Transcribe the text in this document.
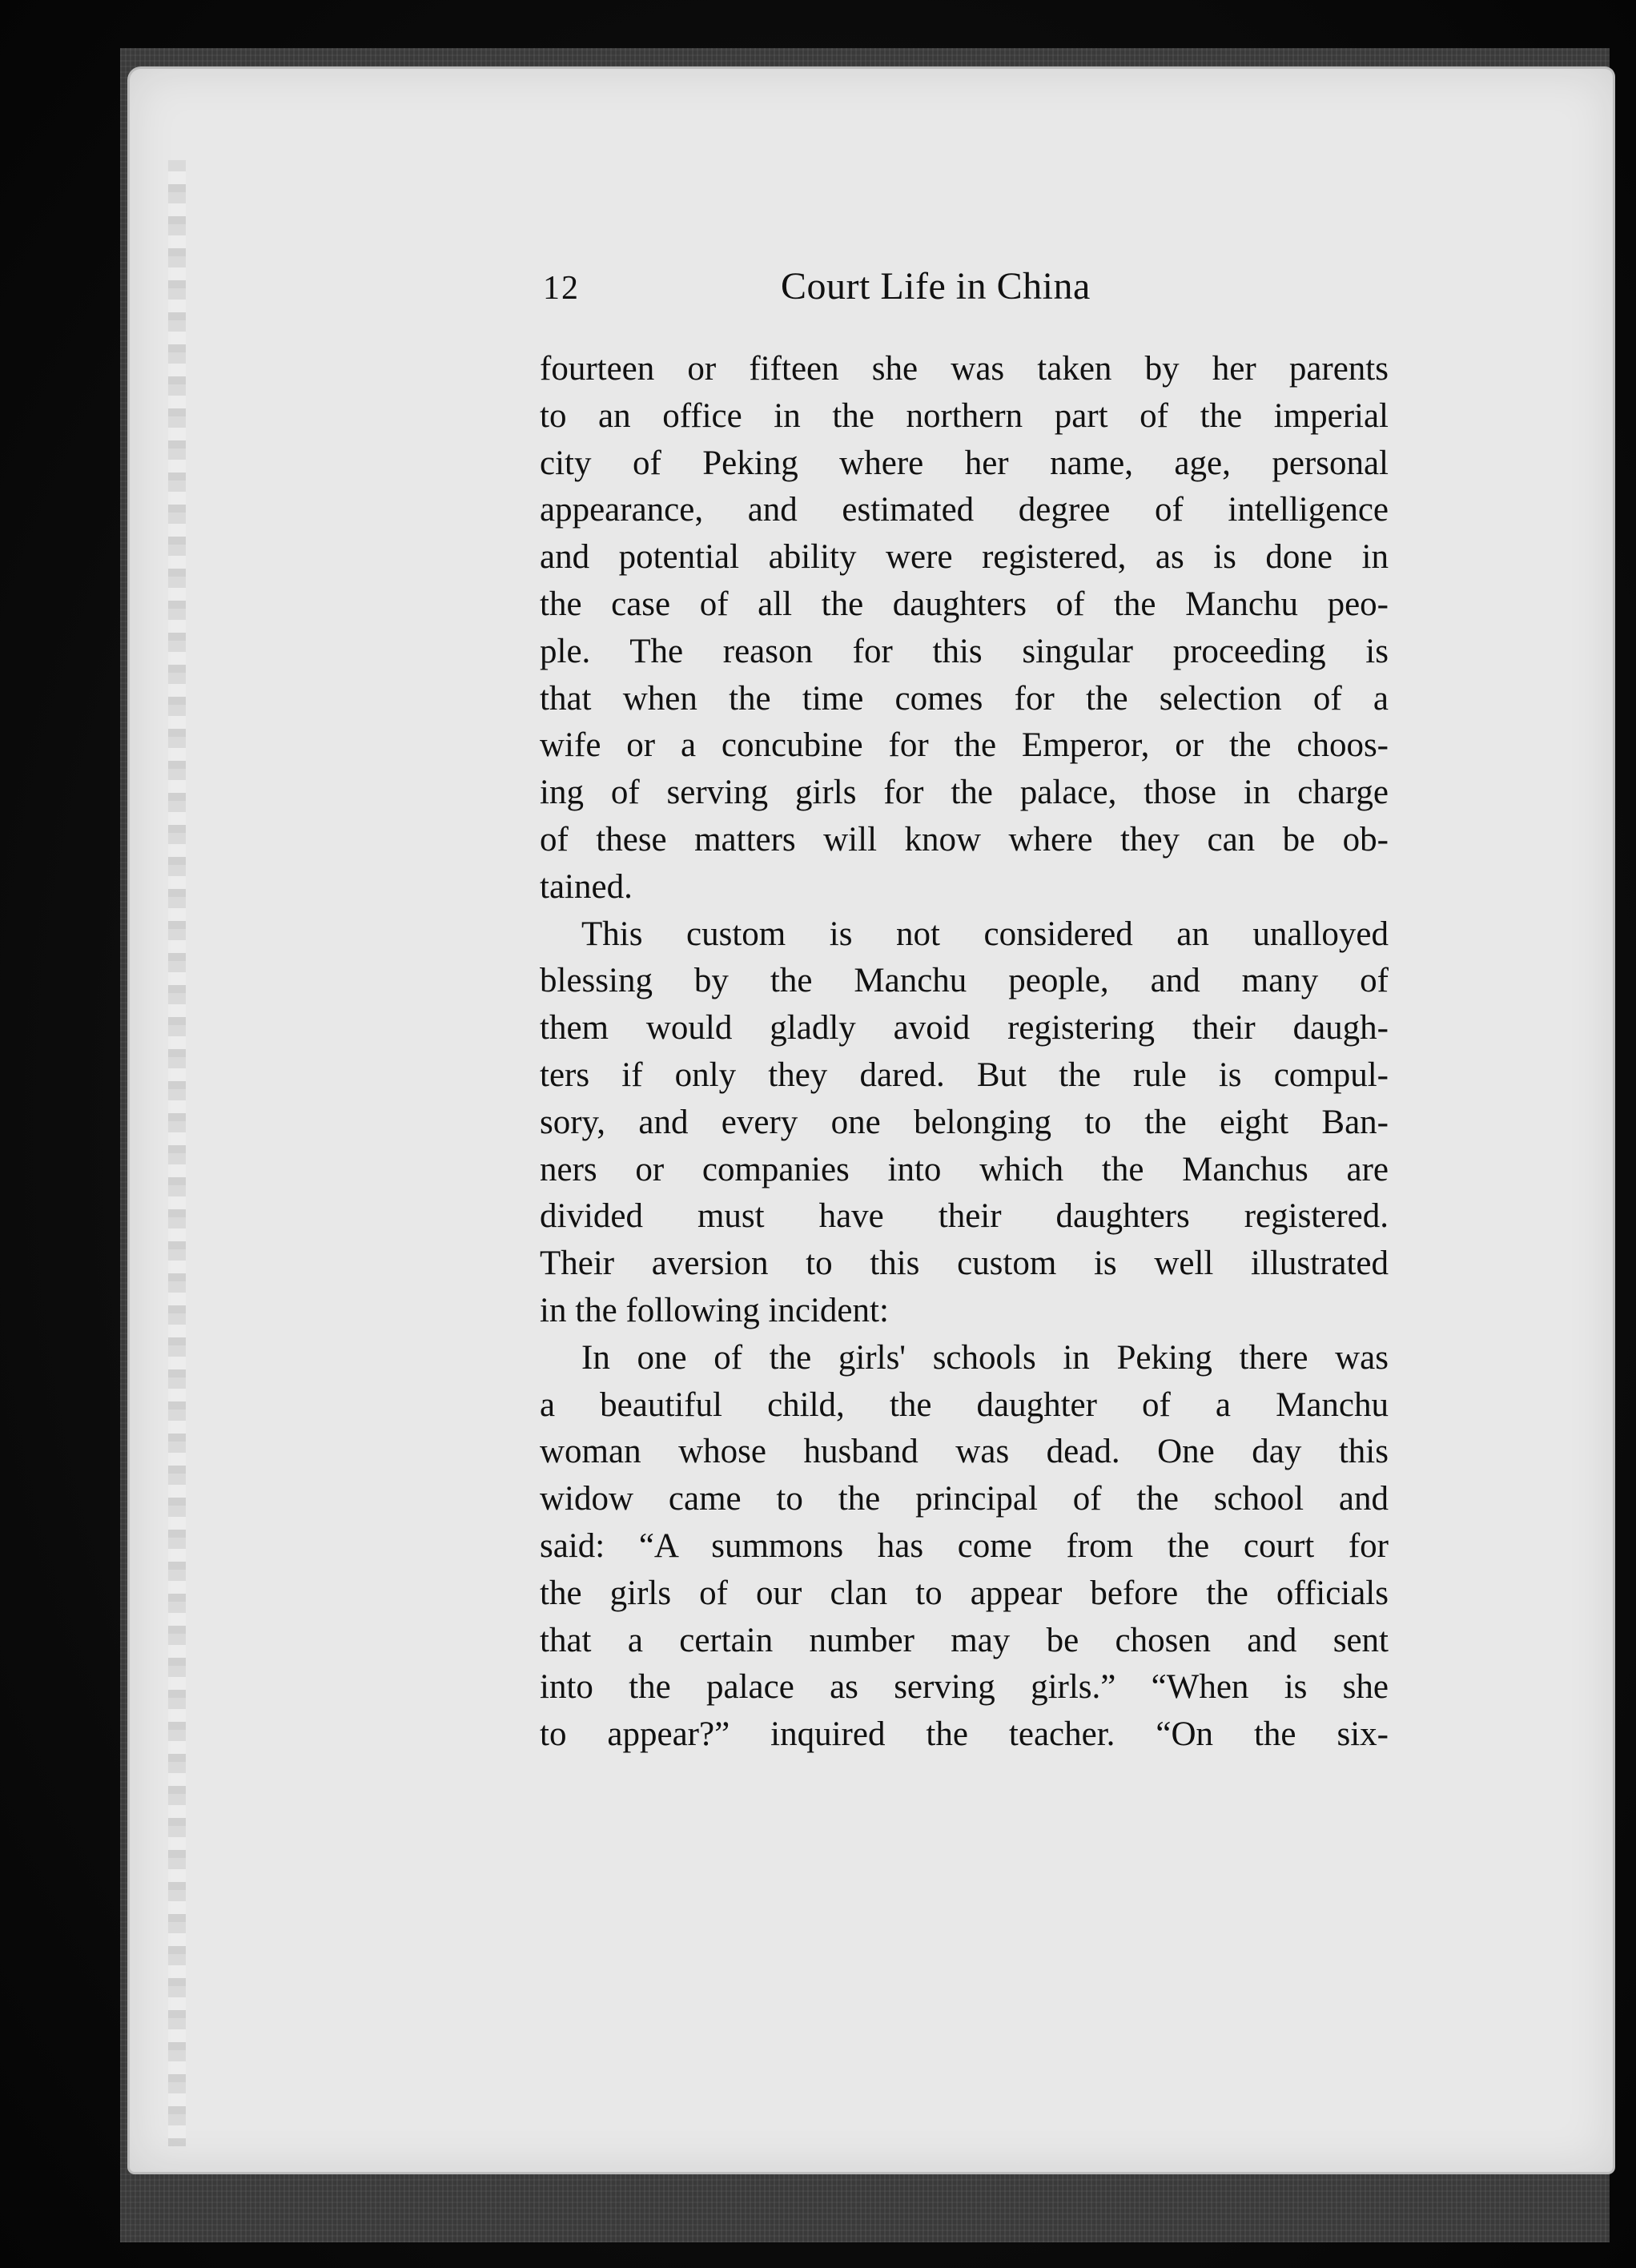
12	Court Life in China
fourteen or fifteen she was taken by her parents
to an office in the northern part of the imperial
city of Peking where her name, age, personal
appearance, and estimated degree of intelligence
and potential ability were registered, as is done in
the case of all the daughters of the Manchu peo-
ple. The reason for this singular proceeding is
that when the time comes for the selection of a
wife or a concubine for the Emperor, or the choos-
ing of serving girls for the palace, those in charge
of these matters will know where they can be ob-
tained.
This custom is not considered an unalloyed
blessing by the Manchu people, and many of
them would gladly avoid registering their daugh-
ters if only they dared. But the rule is compul-
sory, and every one belonging to the eight Ban-
ners or companies into which the Manchus are
divided must have their daughters registered.
Their aversion to this custom is well illustrated
in the following incident:
In one of the girls' schools in Peking there was
a beautiful child, the daughter of a Manchu
woman whose husband was dead. One day this
widow came to the principal of the school and
said: “A summons has come from the court for
the girls of our clan to appear before the officials
that a certain number may be chosen and sent
into the palace as serving girls.” “When is she
to appear?” inquired the teacher. “On the six-
